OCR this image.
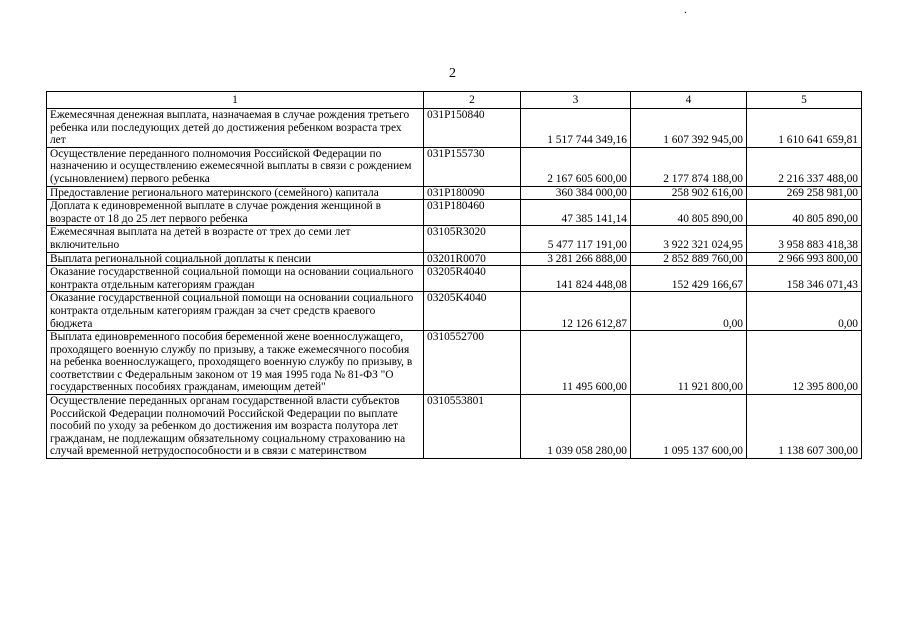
.
2
1	2	3	4	5
Ежемесячная денежная выплата, назначаемая в случае рождения третьего ребенка или последующих детей до достижения ребенком возраста трех лет	031P150840	1 517 744 349,16	1 607 392 945,00	1 610 641 659,81
Осуществление переданного полномочия Российской Федерации по назначению и осуществлению ежемесячной выплаты в связи с рождением (усыновлением) первого ребенка	031P155730	2 167 605 600,00	2 177 874 188,00	2 216 337 488,00
Предоставление регионального материнского (семейного) капитала	031P180090	360 384 000,00	258 902 616,00	269 258 981,00
Доплата к единовременной выплате в случае рождения женщиной в возрасте от 18 до 25 лет первого ребенка	031P180460	47 385 141,14	40 805 890,00	40 805 890,00
Ежемесячная выплата на детей в возрасте от трех до семи лет включительно	03105R3020	5 477 117 191,00	3 922 321 024,95	3 958 883 418,38
Выплата региональной социальной доплаты к пенсии	03201R0070	3 281 266 888,00	2 852 889 760,00	2 966 993 800,00
Оказание государственной социальной помощи на основании социального контракта отдельным категориям граждан	03205R4040	141 824 448,08	152 429 166,67	158 346 071,43
Оказание государственной социальной помощи на основании социального контракта отдельным категориям граждан за счет средств краевого бюджета	03205K4040	12 126 612,87	0,00	0,00
Выплата единовременного пособия беременной жене военнослужащего, проходящего военную службу по призыву, а также ежемесячного пособия на ребенка военнослужащего, проходящего военную службу по призыву, в соответствии с Федеральным законом от 19 мая 1995 года № 81-ФЗ "О государственных пособиях гражданам, имеющим детей"	0310552700	11 495 600,00	11 921 800,00	12 395 800,00
Осуществление переданных органам государственной власти субъектов Российской Федерации полномочий Российской Федерации по выплате пособий по уходу за ребенком до достижения им возраста полутора лет гражданам, не подлежащим обязательному социальному страхованию на случай временной нетрудоспособности и в связи с материнством	0310553801	1 039 058 280,00	1 095 137 600,00	1 138 607 300,00
